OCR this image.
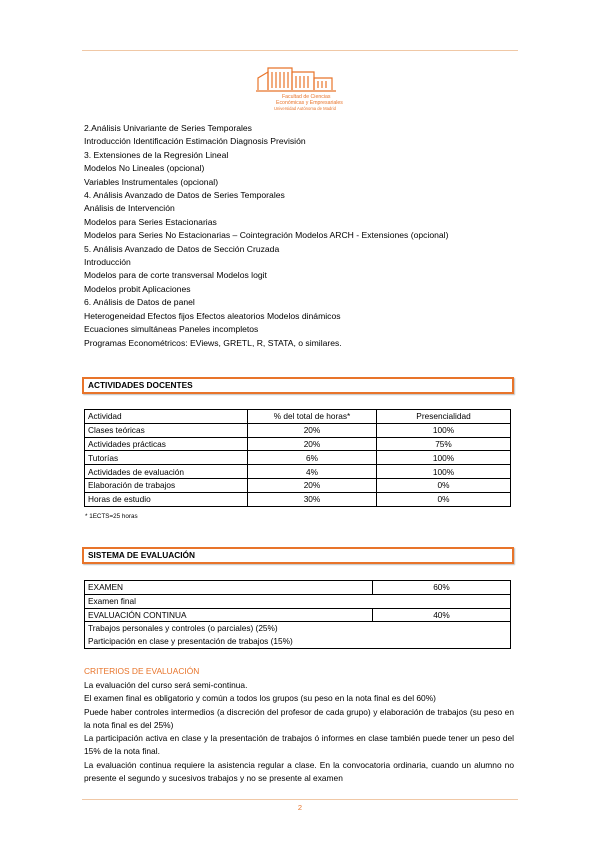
Facultad de Ciencias
Económicas y Empresariales
Universidad Autónoma de Madrid
2.Análisis Univariante de Series Temporales
Introducción Identificación Estimación Diagnosis Previsión
3. Extensiones de la Regresión Lineal
Modelos No Lineales (opcional)
Variables Instrumentales (opcional)
4. Análisis Avanzado de Datos de Series Temporales
Análisis de Intervención
Modelos para Series Estacionarias
Modelos para Series No Estacionarias – Cointegración Modelos ARCH - Extensiones (opcional)
5. Análisis Avanzado de Datos de Sección Cruzada
Introducción
Modelos para de corte transversal Modelos logit
Modelos probit Aplicaciones
6. Análisis de Datos de panel
Heterogeneidad Efectos fijos Efectos aleatorios Modelos dinámicos
Ecuaciones simultáneas Paneles incompletos
Programas Econométricos: EViews, GRETL, R, STATA, o similares.
ACTIVIDADES DOCENTES
Actividad	% del total de horas*	Presencialidad
Clases teóricas	20%	100%
Actividades prácticas	20%	75%
Tutorías	6%	100%
Actividades de evaluación	4%	100%
Elaboración de trabajos	20%	0%
Horas de estudio	30%	0%
* 1ECTS=25 horas
SISTEMA DE EVALUACIÓN
EXAMEN	60%
Examen final	
EVALUACIÓN CONTINUA	40%

Trabajos personales y controles (o parciales) (25%)
Participación en clase y presentación de trabajos (15%)	
CRITERIOS DE EVALUACIÓN

La evaluación del curso será semi-continua.

El examen final es obligatorio y común a todos los grupos (su peso en la nota final es del 60%)

Puede haber controles intermedios (a discreción del profesor de cada grupo) y elaboración de trabajos (su peso en la nota final es del 25%)

La participación activa en clase y la presentación de trabajos ó informes en clase también puede tener un peso del 15% de la nota final.

La evaluación continua requiere la asistencia regular a clase. En la convocatoria ordinaria, cuando un alumno no presente el segundo y sucesivos trabajos y no se presente al examen

2
